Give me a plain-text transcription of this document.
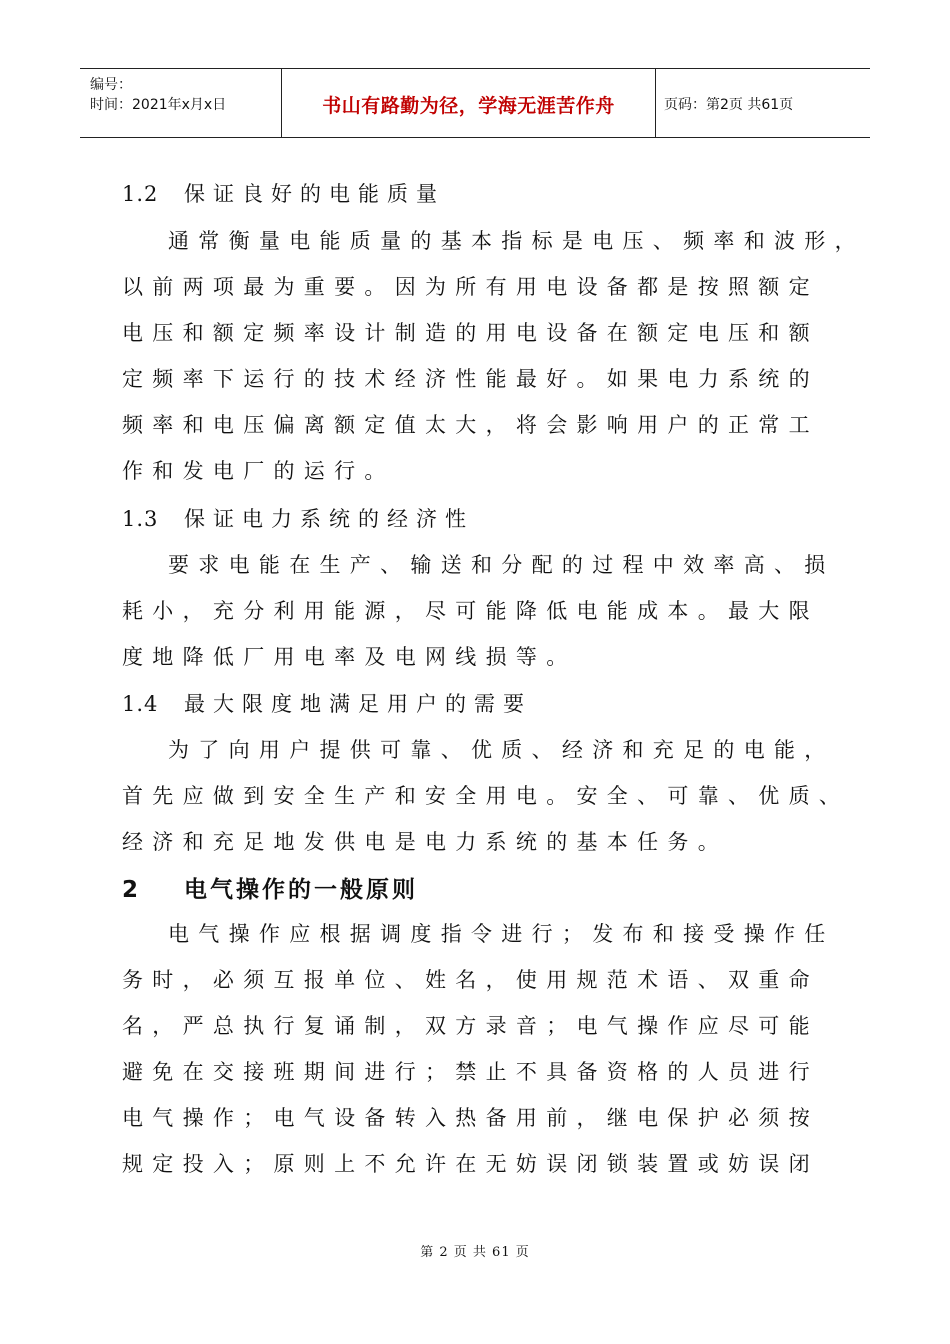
编号：
时间：2021年x月x日	书山有路勤为径，学海无涯苦作舟	页码：第2页 共61页
1.2 保证良好的电能质量
通常衡量电能质量的基本指标是电压、频率和波形，
以前两项最为重要。因为所有用电设备都是按照额定
电压和额定频率设计制造的用电设备在额定电压和额
定频率下运行的技术经济性能最好。如果电力系统的
频率和电压偏离额定值太大，将会影响用户的正常工
作和发电厂的运行。
1.3 保证电力系统的经济性
要求电能在生产、输送和分配的过程中效率高、损
耗小，充分利用能源，尽可能降低电能成本。最大限
度地降低厂用电率及电网线损等。
1.4 最大限度地满足用户的需要
为了向用户提供可靠、优质、经济和充足的电能，
首先应做到安全生产和安全用电。安全、可靠、优质、
经济和充足地发供电是电力系统的基本任务。
2 电气操作的一般原则
电气操作应根据调度指令进行；发布和接受操作任
务时，必须互报单位、姓名，使用规范术语、双重命
名，严总执行复诵制，双方录音；电气操作应尽可能
避免在交接班期间进行；禁止不具备资格的人员进行
电气操作；电气设备转入热备用前，继电保护必须按
规定投入；原则上不允许在无妨误闭锁装置或妨误闭
第 2 页 共 61 页
